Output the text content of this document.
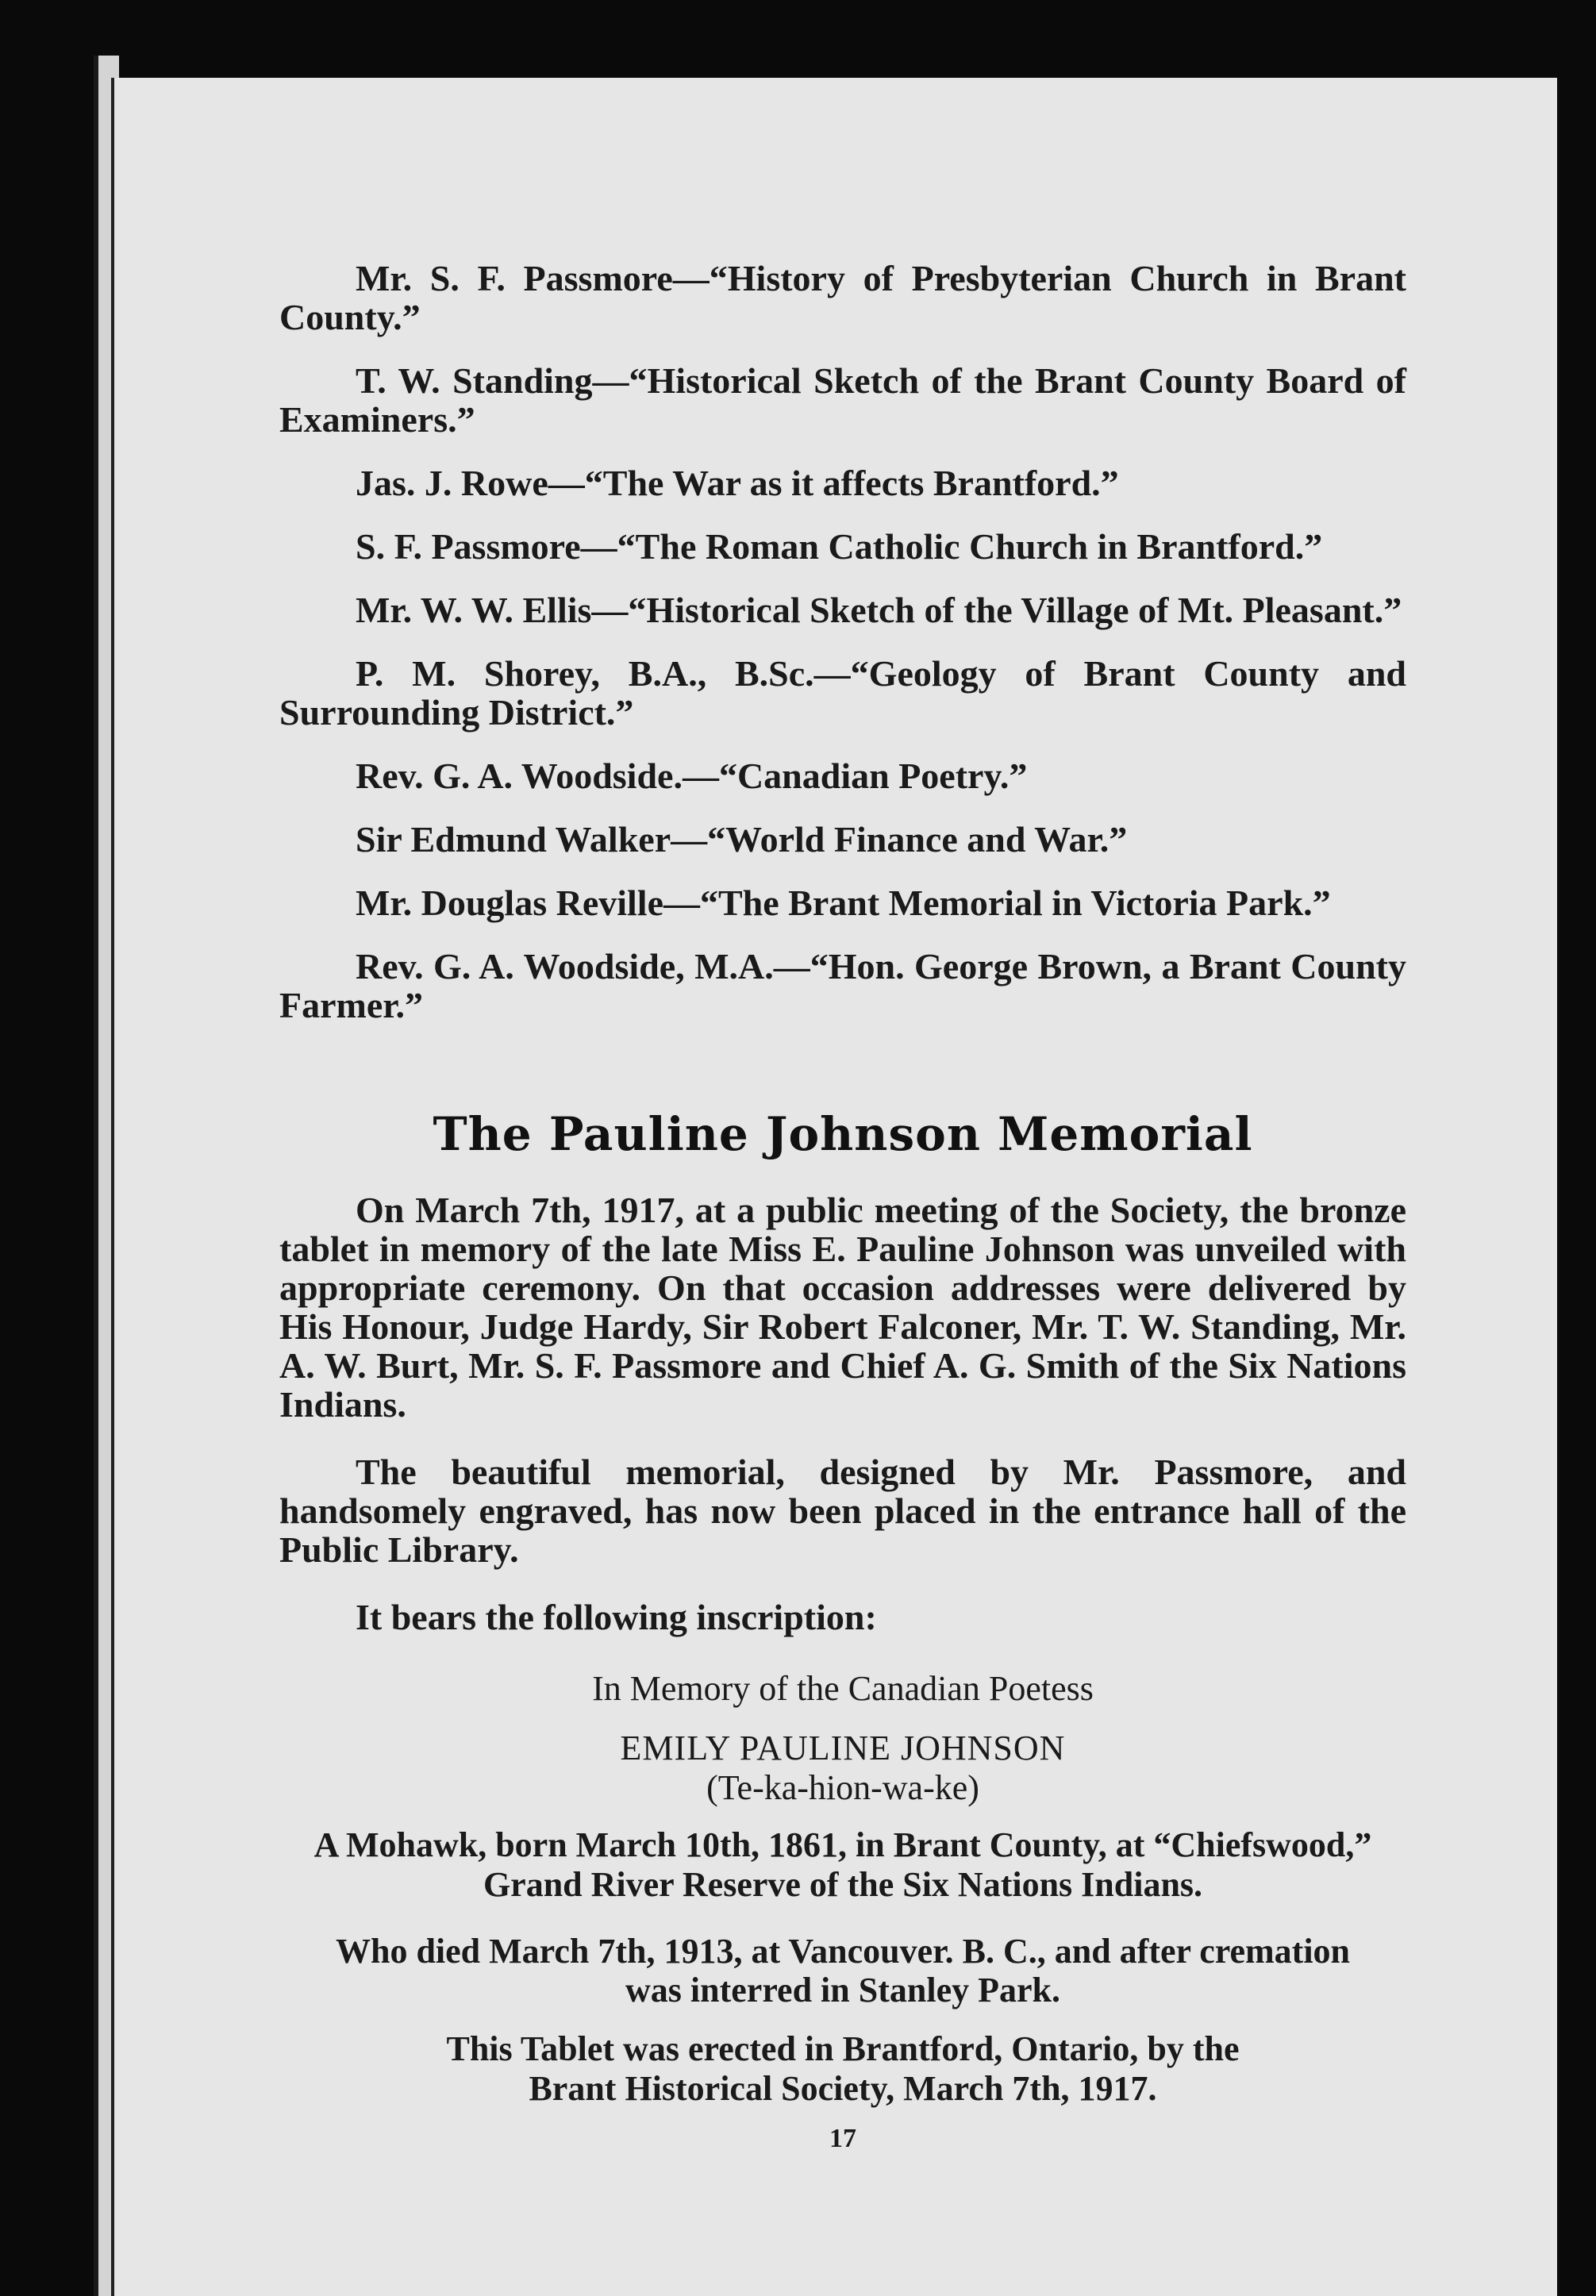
Mr. S. F. Passmore—“History of Presbyterian Church in Brant County.”

T. W. Standing—“Historical Sketch of the Brant County Board of Examiners.”

Jas. J. Rowe—“The War as it affects Brantford.”

S. F. Passmore—“The Roman Catholic Church in Brantford.”

Mr. W. W. Ellis—“Historical Sketch of the Village of Mt. Pleasant.”

P. M. Shorey, B.A., B.Sc.—“Geology of Brant County and Surrounding District.”

Rev. G. A. Woodside.—“Canadian Poetry.”

Sir Edmund Walker—“World Finance and War.”

Mr. Douglas Reville—“The Brant Memorial in Victoria Park.”

Rev. G. A. Woodside, M.A.—“Hon. George Brown, a Brant County Farmer.”

The Pauline Johnson Memorial

On March 7th, 1917, at a public meeting of the Society, the bronze tablet in memory of the late Miss E. Pauline Johnson was unveiled with appropriate ceremony. On that occasion addresses were delivered by His Honour, Judge Hardy, Sir Robert Falconer, Mr. T. W. Standing, Mr. A. W. Burt, Mr. S. F. Passmore and Chief A. G. Smith of the Six Nations Indians.

The beautiful memorial, designed by Mr. Passmore, and handsomely engraved, has now been placed in the entrance hall of the Public Library.

It bears the following inscription:

In Memory of the Canadian Poetess
EMILY PAULINE JOHNSON
(Te-ka-hion-wa-ke)
A Mohawk, born March 10th, 1861, in Brant County, at “Chiefswood,”
Grand River Reserve of the Six Nations Indians.
Who died March 7th, 1913, at Vancouver. B. C., and after cremation
was interred in Stanley Park.
This Tablet was erected in Brantford, Ontario, by the
Brant Historical Society, March 7th, 1917.
17
